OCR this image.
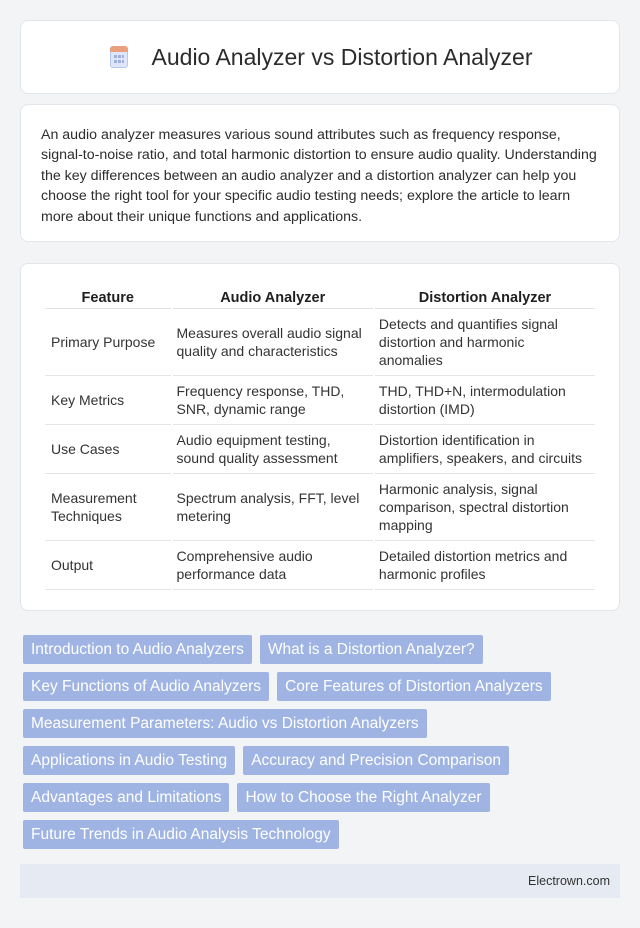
Audio Analyzer vs Distortion Analyzer

An audio analyzer measures various sound attributes such as frequency response, signal-to-noise ratio, and total harmonic distortion to ensure audio quality. Understanding the key differences between an audio analyzer and a distortion analyzer can help you choose the right tool for your specific audio testing needs; explore the article to learn more about their unique functions and applications.

Feature	Audio Analyzer	Distortion Analyzer
Primary Purpose	Measures overall audio signal quality and characteristics	Detects and quantifies signal distortion and harmonic anomalies
Key Metrics	Frequency response, THD, SNR, dynamic range	THD, THD+N, intermodulation distortion (IMD)
Use Cases	Audio equipment testing, sound quality assessment	Distortion identification in amplifiers, speakers, and circuits
Measurement Techniques	Spectrum analysis, FFT, level metering	Harmonic analysis, signal comparison, spectral distortion mapping
Output	Comprehensive audio performance data	Detailed distortion metrics and harmonic profiles
Introduction to Audio Analyzers	What is a Distortion Analyzer?
Key Functions of Audio Analyzers	Core Features of Distortion Analyzers
Measurement Parameters: Audio vs Distortion Analyzers
Applications in Audio Testing	Accuracy and Precision Comparison
Advantages and Limitations	How to Choose the Right Analyzer
Future Trends in Audio Analysis Technology
Electrown.com
